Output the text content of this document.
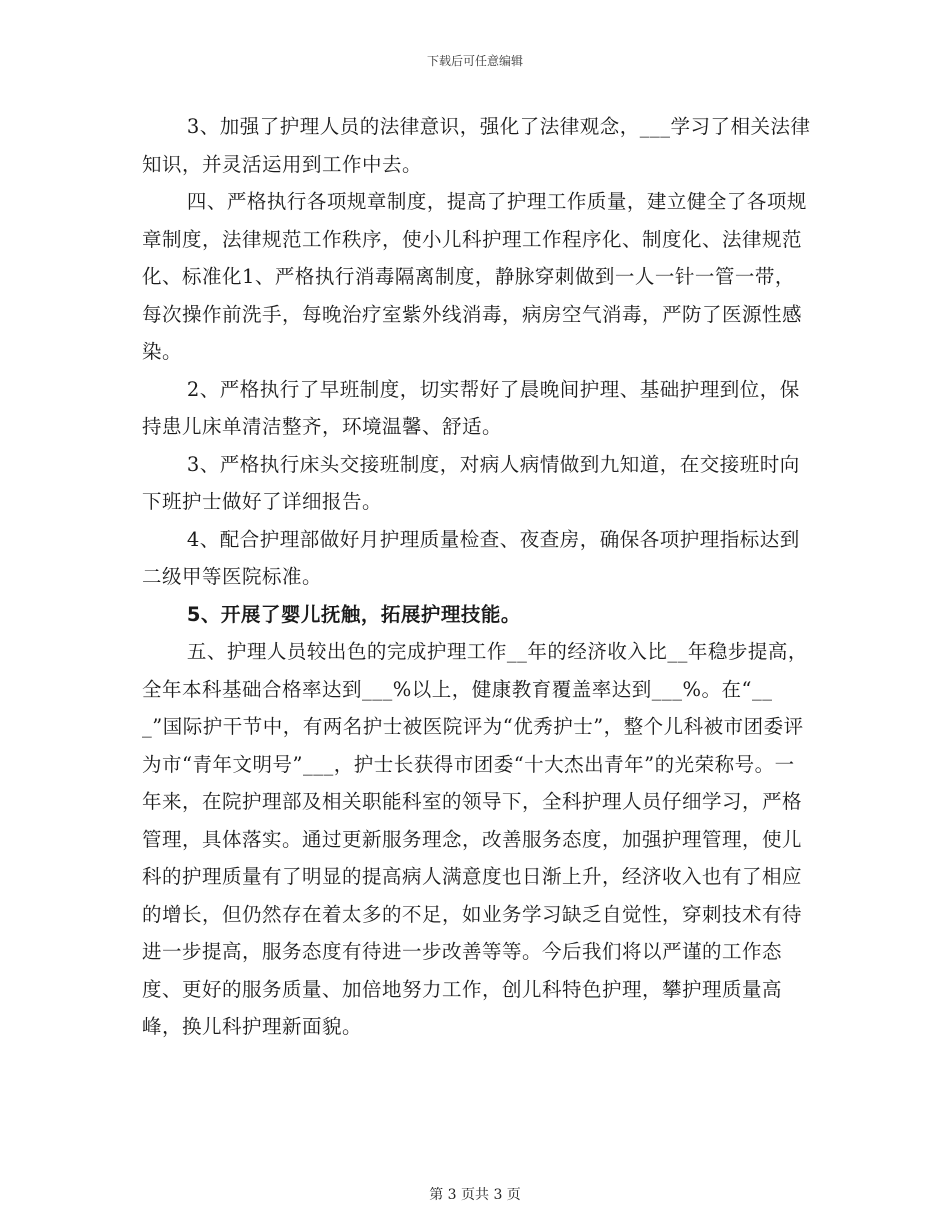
下载后可任意编辑

3、加强了护理人员的法律意识，强化了法律观念，___学习了相关法律知识，并灵活运用到工作中去。

四、严格执行各项规章制度，提高了护理工作质量，建立健全了各项规章制度，法律规范工作秩序，使小儿科护理工作程序化、制度化、法律规范化、标准化1、严格执行消毒隔离制度，静脉穿刺做到一人一针一管一带，每次操作前洗手，每晚治疗室紫外线消毒，病房空气消毒，严防了医源性感染。

2、严格执行了早班制度，切实帮好了晨晚间护理、基础护理到位，保持患儿床单清洁整齐，环境温馨、舒适。

3、严格执行床头交接班制度，对病人病情做到九知道，在交接班时向下班护士做好了详细报告。

4、配合护理部做好月护理质量检查、夜查房，确保各项护理指标达到二级甲等医院标准。

5、开展了婴儿抚触，拓展护理技能。

五、护理人员较出色的完成护理工作__年的经济收入比__年稳步提高，全年本科基础合格率达到___%以上，健康教育覆盖率达到___%。在“___”国际护干节中，有两名护士被医院评为“优秀护士”，整个儿科被市团委评为市“青年文明号”___，护士长获得市团委“十大杰出青年”的光荣称号。一年来，在院护理部及相关职能科室的领导下，全科护理人员仔细学习，严格管理，具体落实。通过更新服务理念，改善服务态度，加强护理管理，使儿科的护理质量有了明显的提高病人满意度也日渐上升，经济收入也有了相应的增长，但仍然存在着太多的不足，如业务学习缺乏自觉性，穿刺技术有待进一步提高，服务态度有待进一步改善等等。今后我们将以严谨的工作态度、更好的服务质量、加倍地努力工作，创儿科特色护理，攀护理质量高峰，换儿科护理新面貌。

第 3 页共 3 页
